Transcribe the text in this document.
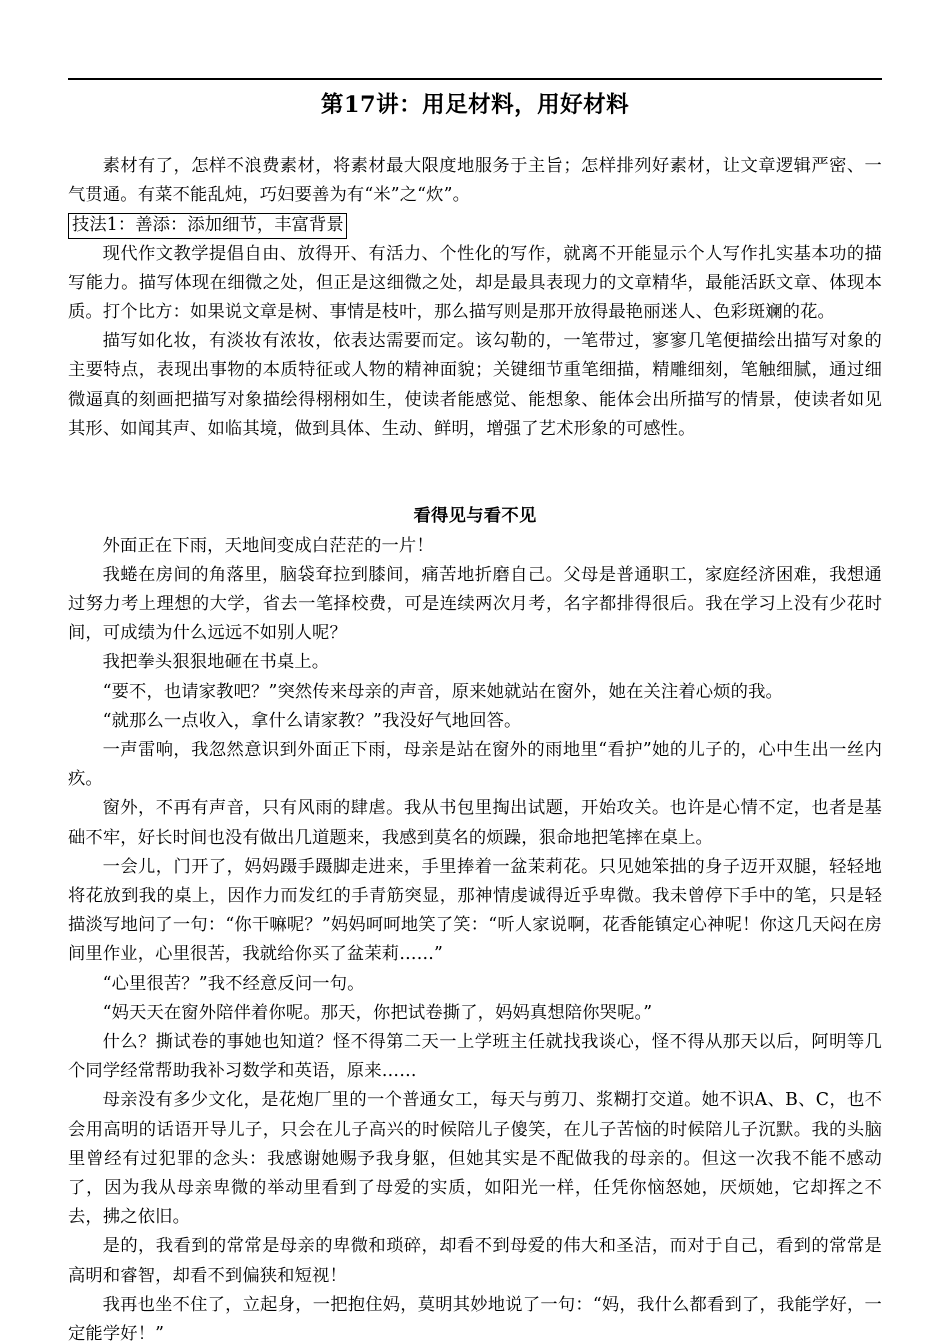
第17讲：用足材料，用好材料

素材有了，怎样不浪费素材，将素材最大限度地服务于主旨；怎样排列好素材，让文章逻辑严密、一气贯通。有菜不能乱炖，巧妇要善为有“米”之“炊”。

技法1：善添：添加细节，丰富背景

现代作文教学提倡自由、放得开、有活力、个性化的写作，就离不开能显示个人写作扎实基本功的描写能力。描写体现在细微之处，但正是这细微之处，却是最具表现力的文章精华，最能活跃文章、体现本质。打个比方：如果说文章是树、事情是枝叶，那么描写则是那开放得最艳丽迷人、色彩斑斓的花。

描写如化妆，有淡妆有浓妆，依表达需要而定。该勾勒的，一笔带过，寥寥几笔便描绘出描写对象的主要特点，表现出事物的本质特征或人物的精神面貌；关键细节重笔细描，精雕细刻，笔触细腻，通过细微逼真的刻画把描写对象描绘得栩栩如生，使读者能感觉、能想象、能体会出所描写的情景，使读者如见其形、如闻其声、如临其境，做到具体、生动、鲜明，增强了艺术形象的可感性。

看得见与看不见

外面正在下雨，天地间变成白茫茫的一片！

我蜷在房间的角落里，脑袋耷拉到膝间，痛苦地折磨自己。父母是普通职工，家庭经济困难，我想通过努力考上理想的大学，省去一笔择校费，可是连续两次月考，名字都排得很后。我在学习上没有少花时间，可成绩为什么远远不如别人呢？

我把拳头狠狠地砸在书桌上。

“要不，也请家教吧？”突然传来母亲的声音，原来她就站在窗外，她在关注着心烦的我。

“就那么一点收入，拿什么请家教？”我没好气地回答。

一声雷响，我忽然意识到外面正下雨，母亲是站在窗外的雨地里“看护”她的儿子的，心中生出一丝内疚。

窗外，不再有声音，只有风雨的肆虐。我从书包里掏出试题，开始攻关。也许是心情不定，也者是基础不牢，好长时间也没有做出几道题来，我感到莫名的烦躁，狠命地把笔摔在桌上。

一会儿，门开了，妈妈蹑手蹑脚走进来，手里捧着一盆茉莉花。只见她笨拙的身子迈开双腿，轻轻地将花放到我的桌上，因作力而发红的手青筋突显，那神情虔诚得近乎卑微。我未曾停下手中的笔，只是轻描淡写地问了一句：“你干嘛呢？”妈妈呵呵地笑了笑：“听人家说啊，花香能镇定心神呢！你这几天闷在房间里作业，心里很苦，我就给你买了盆茉莉……”

“心里很苦？”我不经意反问一句。

“妈天天在窗外陪伴着你呢。那天，你把试卷撕了，妈妈真想陪你哭呢。”

什么？撕试卷的事她也知道？怪不得第二天一上学班主任就找我谈心，怪不得从那天以后，阿明等几个同学经常帮助我补习数学和英语，原来……

母亲没有多少文化，是花炮厂里的一个普通女工，每天与剪刀、浆糊打交道。她不识A、B、C，也不会用高明的话语开导儿子，只会在儿子高兴的时候陪儿子傻笑，在儿子苦恼的时候陪儿子沉默。我的头脑里曾经有过犯罪的念头：我感谢她赐予我身躯，但她其实是不配做我的母亲的。但这一次我不能不感动了，因为我从母亲卑微的举动里看到了母爱的实质，如阳光一样，任凭你恼怒她，厌烦她，它却挥之不去，拂之依旧。

是的，我看到的常常是母亲的卑微和琐碎，却看不到母爱的伟大和圣洁，而对于自己，看到的常常是高明和睿智，却看不到偏狭和短视！

我再也坐不住了，立起身，一把抱住妈，莫明其妙地说了一句：“妈，我什么都看到了，我能学好，一定能学好！”
